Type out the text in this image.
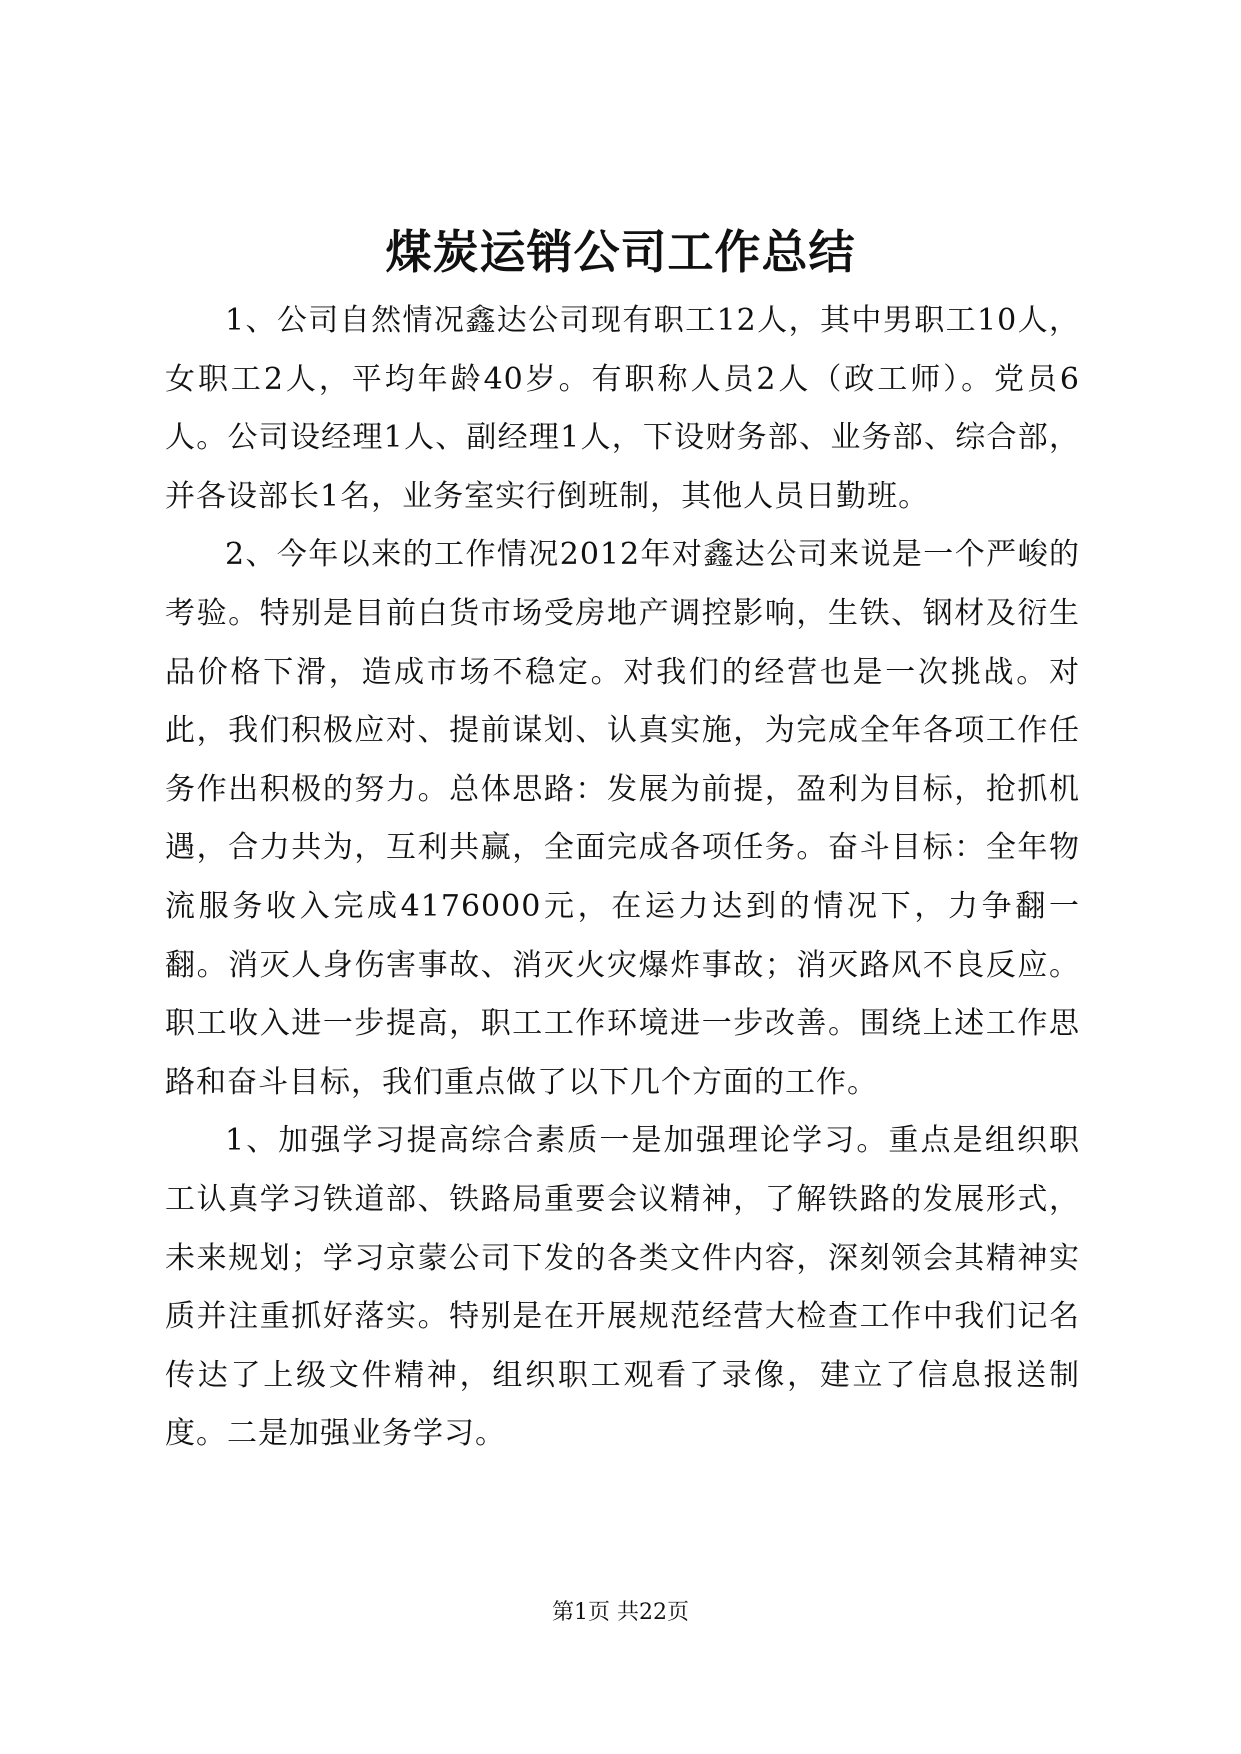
煤炭运销公司工作总结

1、公司自然情况鑫达公司现有职工12人，其中男职工10人，女职工2人，平均年龄40岁。有职称人员2人（政工师）。党员6人。公司设经理1人、副经理1人，下设财务部、业务部、综合部，并各设部长1名，业务室实行倒班制，其他人员日勤班。

2、今年以来的工作情况2012年对鑫达公司来说是一个严峻的考验。特别是目前白货市场受房地产调控影响，生铁、钢材及衍生品价格下滑，造成市场不稳定。对我们的经营也是一次挑战。对此，我们积极应对、提前谋划、认真实施，为完成全年各项工作任务作出积极的努力。总体思路：发展为前提，盈利为目标，抢抓机遇，合力共为，互利共赢，全面完成各项任务。奋斗目标：全年物流服务收入完成4176000元，在运力达到的情况下，力争翻一翻。消灭人身伤害事故、消灭火灾爆炸事故；消灭路风不良反应。职工收入进一步提高，职工工作环境进一步改善。围绕上述工作思路和奋斗目标，我们重点做了以下几个方面的工作。

1、加强学习提高综合素质一是加强理论学习。重点是组织职工认真学习铁道部、铁路局重要会议精神，了解铁路的发展形式，未来规划；学习京蒙公司下发的各类文件内容，深刻领会其精神实质并注重抓好落实。特别是在开展规范经营大检查工作中我们记名传达了上级文件精神，组织职工观看了录像，建立了信息报送制度。二是加强业务学习。

第1页 共22页
